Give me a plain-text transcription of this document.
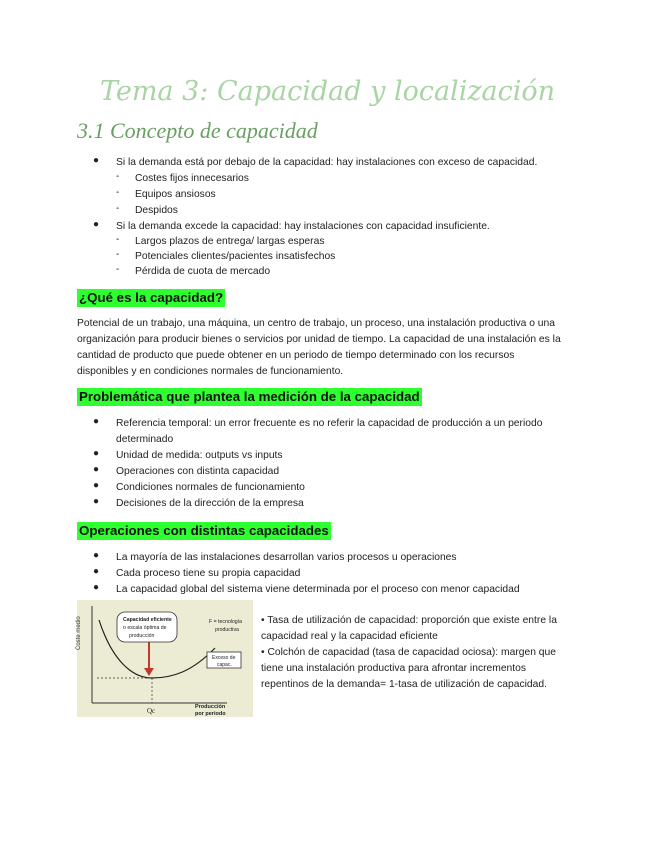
Tema 3: Capacidad y localización
3.1 Concepto de capacidad
● Si la demanda está por debajo de la capacidad: hay instalaciones con exceso de capacidad.
- Costes fijos innecesarios
- Equipos ansiosos
- Despidos
● Si la demanda excede la capacidad: hay instalaciones con capacidad insuficiente.
- Largos plazos de entrega/ largas esperas
- Potenciales clientes/pacientes insatisfechos
- Pérdida de cuota de mercado
¿Qué es la capacidad?
Potencial de un trabajo, una máquina, un centro de trabajo, un proceso, una instalación productiva o una
organización para producir bienes o servicios por unidad de tiempo. La capacidad de una instalación es la
cantidad de producto que puede obtener en un periodo de tiempo determinado con los recursos
disponibles y en condiciones normales de funcionamiento.
Problemática que plantea la medición de la capacidad
● Referencia temporal: un error frecuente es no referir la capacidad de producción a un periodo
determinado
● Unidad de medida: outputs vs inputs
● Operaciones con distinta capacidad
● Condiciones normales de funcionamiento
● Decisiones de la dirección de la empresa
Operaciones con distintas capacidades
● La mayoría de las instalaciones desarrollan varios procesos u operaciones
● Cada proceso tiene su propia capacidad
● La capacidad global del sistema viene determinada por el proceso con menor capacidad
Coste medio	Capacidad eficiente
o escala óptima de
producción
F = tecnología
productiva
Exceso de
capac.
Producción
por periodo
Qc
• Tasa de utilización de capacidad: proporción que existe entre la
capacidad real y la capacidad eficiente
• Colchón de capacidad (tasa de capacidad ociosa): margen que
tiene una instalación productiva para afrontar incrementos
repentinos de la demanda= 1-tasa de utilización de capacidad.
